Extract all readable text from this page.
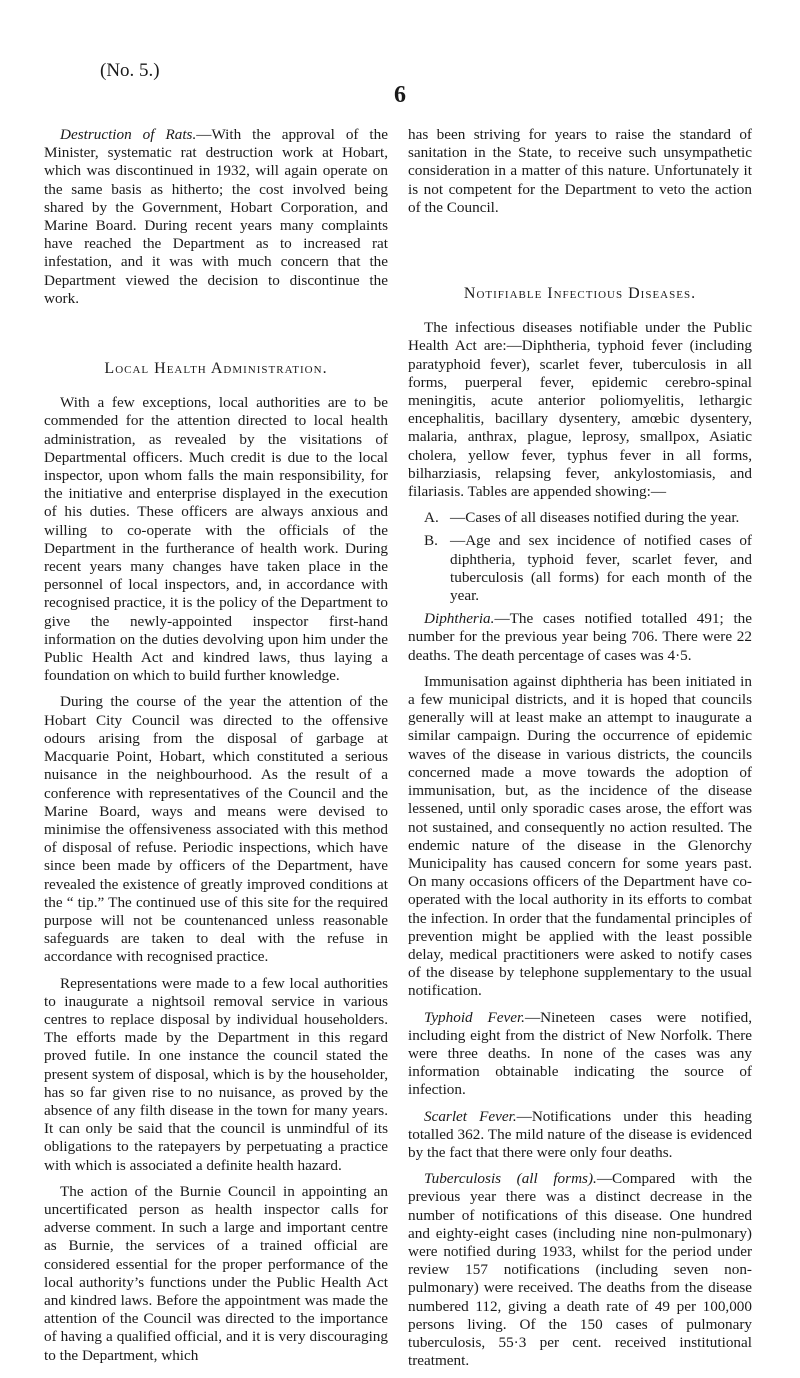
(No. 5.)
6

Destruction of Rats.—With the approval of the Minister, systematic rat destruction work at Hobart, which was discontinued in 1932, will again operate on the same basis as hitherto; the cost involved being shared by the Government, Hobart Corporation, and Marine Board. During recent years many complaints have reached the Department as to increased rat infestation, and it was with much concern that the Department viewed the decision to discontinue the work.

Local Health Administration.

With a few exceptions, local authorities are to be commended for the attention directed to local health administration, as revealed by the visitations of Departmental officers. Much credit is due to the local inspector, upon whom falls the main responsibility, for the initiative and enterprise displayed in the execution of his duties. These officers are always anxious and willing to co-operate with the officials of the Department in the furtherance of health work. During recent years many changes have taken place in the personnel of local inspectors, and, in accordance with recognised practice, it is the policy of the Department to give the newly-appointed inspector first-hand information on the duties devolving upon him under the Public Health Act and kindred laws, thus laying a foundation on which to build further knowledge.

During the course of the year the attention of the Hobart City Council was directed to the offensive odours arising from the disposal of garbage at Macquarie Point, Hobart, which constituted a serious nuisance in the neighbourhood. As the result of a conference with representatives of the Council and the Marine Board, ways and means were devised to minimise the offensiveness associated with this method of disposal of refuse. Periodic inspections, which have since been made by officers of the Department, have revealed the existence of greatly improved conditions at the “ tip.” The continued use of this site for the required purpose will not be countenanced unless reasonable safeguards are taken to deal with the refuse in accordance with recognised practice.

Representations were made to a few local authorities to inaugurate a nightsoil removal service in various centres to replace disposal by individual householders. The efforts made by the Department in this regard proved futile. In one instance the council stated the present system of disposal, which is by the householder, has so far given rise to no nuisance, as proved by the absence of any filth disease in the town for many years. It can only be said that the council is unmindful of its obligations to the ratepayers by perpetuating a practice with which is associated a definite health hazard.

The action of the Burnie Council in appointing an uncertificated person as health inspector calls for adverse comment. In such a large and important centre as Burnie, the services of a trained official are considered essential for the proper performance of the local authority’s functions under the Public Health Act and kindred laws. Before the appointment was made the attention of the Council was directed to the importance of having a qualified official, and it is very discouraging to the Department, which

has been striving for years to raise the standard of sanitation in the State, to receive such unsympathetic consideration in a matter of this nature. Unfortunately it is not competent for the Department to veto the action of the Council.

Notifiable Infectious Diseases.

The infectious diseases notifiable under the Public Health Act are:—Diphtheria, typhoid fever (including paratyphoid fever), scarlet fever, tuberculosis in all forms, puerperal fever, epidemic cerebro-spinal meningitis, acute anterior poliomyelitis, lethargic encephalitis, bacillary dysentery, amœbic dysentery, malaria, anthrax, plague, leprosy, smallpox, Asiatic cholera, yellow fever, typhus fever in all forms, bilharziasis, relapsing fever, ankylostomiasis, and filariasis. Tables are appended showing:—

A. —Cases of all diseases notified during the year.
B. —Age and sex incidence of notified cases of diphtheria, typhoid fever, scarlet fever, and tuberculosis (all forms) for each month of the year.

Diphtheria.—The cases notified totalled 491; the number for the previous year being 706. There were 22 deaths. The death percentage of cases was 4·5.

Immunisation against diphtheria has been initiated in a few municipal districts, and it is hoped that councils generally will at least make an attempt to inaugurate a similar campaign. During the occurrence of epidemic waves of the disease in various districts, the councils concerned made a move towards the adoption of immunisation, but, as the incidence of the disease lessened, until only sporadic cases arose, the effort was not sustained, and consequently no action resulted. The endemic nature of the disease in the Glenorchy Municipality has caused concern for some years past. On many occasions officers of the Department have co-operated with the local authority in its efforts to combat the infection. In order that the fundamental principles of prevention might be applied with the least possible delay, medical practitioners were asked to notify cases of the disease by telephone supplementary to the usual notification.

Typhoid Fever.—Nineteen cases were notified, including eight from the district of New Norfolk. There were three deaths. In none of the cases was any information obtainable indicating the source of infection.

Scarlet Fever.—Notifications under this heading totalled 362. The mild nature of the disease is evidenced by the fact that there were only four deaths.

Tuberculosis (all forms).—Compared with the previous year there was a distinct decrease in the number of notifications of this disease. One hundred and eighty-eight cases (including nine non-pulmonary) were notified during 1933, whilst for the period under review 157 notifications (including seven non-pulmonary) were received. The deaths from the disease numbered 112, giving a death rate of 49 per 100,000 persons living. Of the 150 cases of pulmonary tuberculosis, 55·3 per cent. received institutional treatment.
